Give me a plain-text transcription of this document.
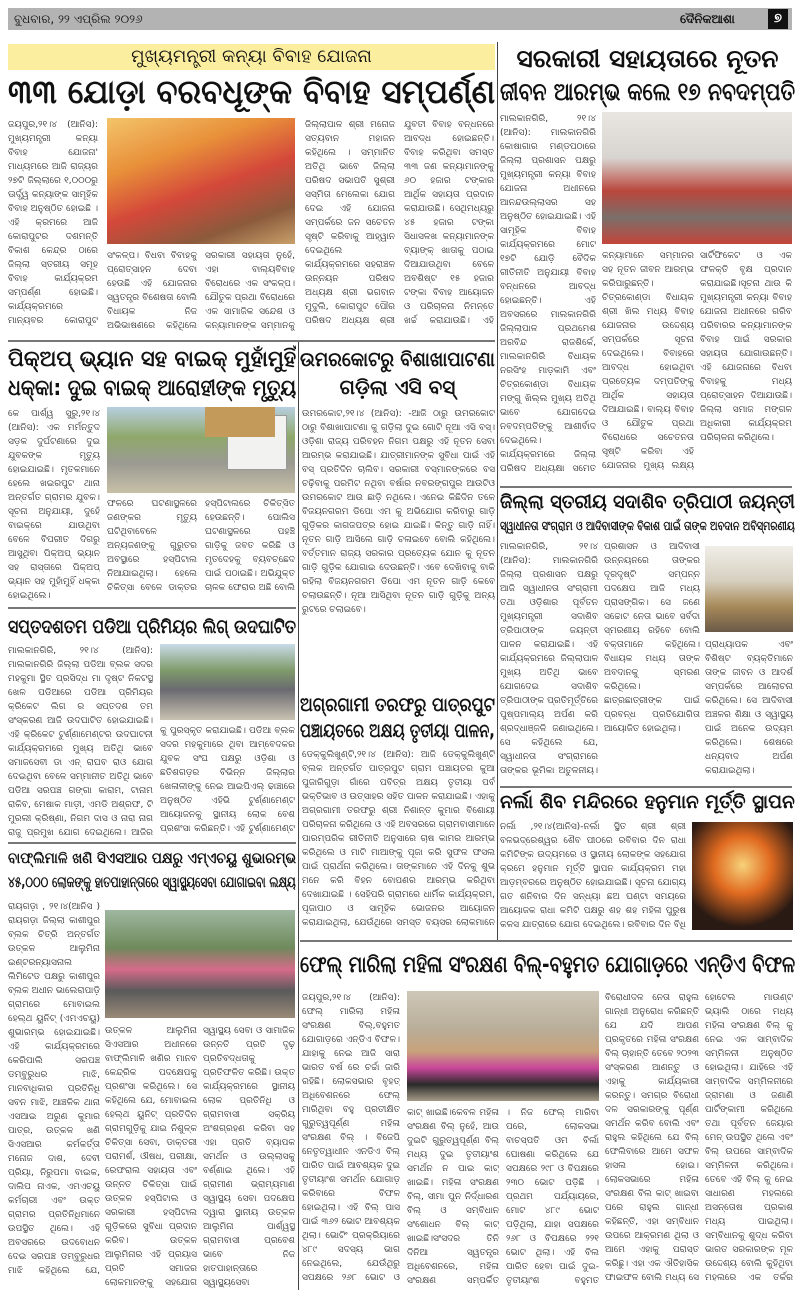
ବୁଧବାର, ୨୨ ଏପ୍ରିଲ ୨୦୨୬	ଦୈନିକଆଶା	୭
ମୁଖ୍ୟମନ୍ତ୍ରୀ କନ୍ୟା ବିବାହ ଯୋଜନା
୩୩ ଯୋଡ଼ା ବରବଧୂଙ୍କ ବିବାହ ସମ୍ପର୍ଣ୍ଣ
ଜୟପୁର,୨୧।୪ (ଆନିସ): ମୁଖ୍ୟମନ୍ତ୍ରୀ କନ୍ୟା ବିବାହ ଯୋଜନା' ମାଧ୍ୟମରେ ଆଜି ରାଜ୍ୟର ୨୭ଟି ଜିଲ୍ଲାରେ ୧,୦୦୦ରୁ ଊର୍ଦ୍ଧ୍ୱ କନ୍ୟାଙ୍କ ସାମୂହିକ ବିବାହ ଅନୁଷ୍ଠିତ ହୋଇଛି । ଏହି କ୍ରମରେ ଆଜି କୋରାପୁଟର ଦଶମନ୍ତି ବିକାଶ କେନ୍ଦ୍ର ଠାରେ ଜିଲ୍ଲା ସ୍ତରୀୟ ସମୂହ ବିବାହ କାର୍ଯ୍ୟକ୍ରମ ସମ୍ପର୍ଣ୍ଣ ହୋଇଛି। କାର୍ଯ୍ୟକ୍ରମରେ ମାନ୍ୟବର କୋରାପୁଟ
ସଂକଳ୍ପ। ବିଧବା ବିବାହକୁ ପ୍ରୋତ୍ସାହନ ଦେବା ହେଉଛି ଏହି ଯୋଜନାର ସ୍ୱତନ୍ତ୍ର ବିଶେଷତା ବୋଲି ବିଧାୟକ ନିଜ ଅଭିଭାଷଣରେ କହିଥିଲେ
ସରକାରୀ ସହାୟତା ନୁହେଁ, ଏହା ବାଲ୍ୟବିବାହ ବିରୋଧରେ ଏକ ସଂକଳ୍ପ। ଯୌତୁକ ପ୍ରଥା ବିରୋଧରେ ଏକ ସାମାଜିକ ସନ୍ଦେଶ ଓ କନ୍ୟାମାନଙ୍କ ସମ୍ମାନକୁ
ଜିଲ୍ଲାପାଳ ଶ୍ରୀ ମନୋଜ ସତ୍ୟବାନ ମହାଜନ କହିଥିଲେ । ସମ୍ମାନିତ ଅତିଥି ଭାବେ ଜିଲ୍ଲା ପରିଷଦ ସଭାପତି ସୁଶ୍ରୀ ସସ୍ମିତା ମେଲେକା ଯୋଗ ଦେଇ ଏହି ଯୋଜନା ସମ୍ପର୍କରେ ଜନ ସଚେତନ ସୃଷ୍ଟି କରିବାକୁ ଆହ୍ୱାନ ଦେଇଥିଲେ କାର୍ଯ୍ୟକ୍ରମରେ ସହରାଞ୍ଚଳ ଉନ୍ନୟନ ପରିଷଦ ଅଧ୍ୟକ୍ଷ ଶ୍ରୀ ଭଗବାନ ମୁଦୁଲି, କୋରାପୁଟ ପୌର ପରିଷଦ ଅଧ୍ୟକ୍ଷ ଶ୍ରୀ
ଯୁବତୀ ବିବାହ ବନ୍ଧନରେ ଆବଦ୍ଧ ହୋଇଛନ୍ତି। ବିବାହ କରିଥିବା ସମସ୍ତ ୩୩ ଜଣ କନ୍ୟାମାନଙ୍କୁ ୬୦ ହଜାର ଟଙ୍କାର ଆର୍ଥିକ ସହାୟତା ପ୍ରଦାନ କରାଯାଉଛି। ସେଥିମଧ୍ୟରୁ ୪୫ ହଜାର ଟଙ୍କା ସିଧାସଳଖ କନ୍ୟାମାନଙ୍କ ବ୍ୟାଙ୍କ୍ ଖାତାକୁ ପଠାଇ ଦିଆଯାଉଥିବା ବେଳେ ଅବଶିଷ୍ଟ ୧୫ ହଜାର ଟଙ୍କା ବିବାହ ଆୟୋଜନ ଓ ପରିଚାଳନା ନିମନ୍ତେ ଖର୍ଚ୍ଚ କରାଯାଉଛି। ଏହି
ସରକାରୀ ସହାୟତାରେ ନୂତନ
ଜୀବନ ଆରମ୍ଭ କଲେ ୧୭ ନବଦମ୍ପତି
ମାଲକାନଗିରି, ୨୧।୪ (ଆନିସ): ମାଲକାନଗିରି କୋଷାଗାର ମଣ୍ଡପଠାରେ ଜିଲ୍ଲା ପ୍ରଶାସନ ପକ୍ଷରୁ ମୁଖ୍ୟମନ୍ତ୍ରୀ କନ୍ୟା ବିବାହ ଯୋଜନା ଅଧୀନରେ ଆନନ୍ଦଉଲ୍ଲାସର ସହ ଅନୁଷ୍ଠିତ ହୋଇଯାଇଛି। ଏହି ସାମୂହିକ ବିବାହ କାର୍ଯ୍ୟକ୍ରମରେ ମୋଟ ୧୭ଟି ଯୋଡ଼ି ବୈଦିକ ରୀତିନୀତି ଅନୁଯାୟୀ ବିବାହ ବନ୍ଧନରେ ଆବଦ୍ଧ ହୋଇଛନ୍ତି। ଏହି ଅବସରରେ ମାଲକାନଗିରି ଜିଲ୍ଲାପାଳ ପ୍ରଥମେଶ ଅରବିନ୍ଦ ରାଜଶିର୍କେ, ମାଲକାନଗିରି ବିଧାୟକ ନରସିଂହ ମାଡ଼କାମି ଏବଂ ଚିତ୍ରକୋଣ୍ଡା ବିଧାୟକ ମଙ୍ଗୁ ଖିଲ୍ଲ ମୁଖ୍ୟ ଅତିଥି ଭାବେ ଯୋଗଦେଇ ନବଦମ୍ପତିଙ୍କୁ ଆଶୀର୍ବାଦ ଦେଇଥିଲେ। କାର୍ଯ୍ୟକ୍ରମରେ ଜିଲ୍ଲା ପରିଷଦ ଅଧ୍ୟକ୍ଷା ସମେତ
କନ୍ୟାମାନେ ସମ୍ମାନର ସହ ନୂତନ ଜୀବନ ଆରମ୍ଭ କରିପାରୁଛନ୍ତି। ଚିତ୍ରକୋଣ୍ଡା ବିଧାୟକ ଶ୍ରୀ ଖିଲ ମଧ୍ୟ ବିବାହ ଯୋଜନାର ଉଦ୍ଦେଶ୍ୟ ସମ୍ପର୍କରେ ସୂଚନା ଦେଇଥିଲେ। ବିବାହରେ ଆବଦ୍ଧ ହୋଇଥିବା ପ୍ରତ୍ୟେକ ଦମ୍ପତିଙ୍କୁ ଆର୍ଥିକ ସହାୟତା ଦିଆଯାଇଛି। ବାଲ୍ୟ ବିବାହ ଓ ଯୌତୁକ ପ୍ରଥା ବିରୋଧରେ ସଚେତନତା ସୃଷ୍ଟି କରିବା ଏହି ଯୋଜନାର ମୁଖ୍ୟ ଲକ୍ଷ୍ୟ
ସାର୍ଟିଫିକେଟ ଓ ଏକ ଫଳକ୍ତି ବୃକ୍ଷ ପ୍ରଦାନ କରାଯାଇଛି।ସୂଚନା ଥାଉ କି ମୁଖ୍ୟମନ୍ତ୍ରୀ କନ୍ୟା ବିବାହ ଯୋଜନା ଅଧୀନରେ ଗରିବ ପରିବାରର କନ୍ୟାମାନଙ୍କ ବିବାହ ପାଇଁ ସରକାର ସହାୟତା ଯୋଗାଉଛନ୍ତି। ଏହି ଯୋଜନାରେ ବିଧବା ବିବାହକୁ ମଧ୍ୟ ପ୍ରୋତ୍ସାହନ ଦିଆଯାଉଛି। ଜିଲ୍ଲା ସମାଜ ମଙ୍ଗଳ ଅଧିକାରୀ କାର୍ଯ୍ୟକ୍ରମ ପରିଚାଳନା କରିଥିଲେ।
ପିକ୍‌ଅପ୍ ଭ୍ୟାନ ସହ ବାଇକ୍ ମୁହାଁମୁହିଁ
ଧକ୍କା: ଦୁଇ ବାଇକ୍ ଆରୋହୀଙ୍କ ମୃତ୍ୟୁ
କେ ପାର୍ଶ୍ୱ ସୁରୁ,୨୧।୪ (ଆନିସ): ଏକ ମର୍ମନ୍ତୁଦ ସଡ଼କ ଦୁର୍ଘଟଣାରେ ଦୁଇ ଯୁବକଙ୍କ ମୃତ୍ୟୁ ହୋଇଯାଇଛି। ମୃତକମାନେ ହେଲେ ଖଇରପୁଟ ଥାନା ଅନ୍ତର୍ଗତ ଗ୍ରାମର ଯୁବକ। ସୂଚନା ଅନୁଯାୟୀ, ଦୁହେଁ ବାଇକ୍‌ରେ ଯାଉଥିବା ବେଳେ ବିପରୀତ ଦିଗରୁ ଆସୁଥିବା ପିକ୍‌ଅପ୍ ଭ୍ୟାନ ସହ ରାସ୍ତାରେ ପିକ୍‌ଅପ୍ ଭ୍ୟାନ ସହ ମୁହାଁମୁହିଁ ଧକ୍କା ହୋଇଥିଲେ।
ଫଳରେ ଘଟଣାସ୍ଥଳରେ ଜଣଙ୍କର ମୃତ୍ୟୁ ଘଟିଥିବାବେଳେ ଅନ୍ୟଜଣଙ୍କୁ ଗୁରୁତର ଅବସ୍ଥାରେ ହସ୍ପିଟାଲ ନିଆଯାଇଥିଲା। ହେଲେ ଚିକିତ୍ସା ବେଳେ ଡାକ୍ତର
ହସ୍ପିଟାଲରେ ଚିକିତ୍ସିତ ହେଉଛନ୍ତି। ପୋଲିସ ଘଟଣାସ୍ଥଳରେ ପହଞ୍ଚି ଗାଡ଼ିକୁ ଜବତ କରିଛି ଓ ମୃତଦେହକୁ ବ୍ୟବଚ୍ଛେଦ ପାଇଁ ପଠାଇଛି। ଅଭିଯୁକ୍ତ ଚାଳକ ଫେରାର ଅଛି ବୋଲି
ଉମରକୋଟରୁ ବିଶାଖାପାଟଣା
ଗଡ଼ିଲା ଏସି ବସ୍
ଉମରକୋଟ,୨୧।୪ (ଆନିସ): -ଆଜି ଠାରୁ ଉମରକୋଟ ଠାରୁ ବିଶାଖାପାଟଣା କୁ ଗଡ଼ିଲା ଦୁଇ ଗୋଟି ନୂଆ ଏସି ବସ୍। ଓଡ଼ିଶା ରାଜ୍ୟ ପରିବହନ ନିଗମ ପକ୍ଷରୁ ଏହି ନୂତନ ସେବା ଆରମ୍ଭ କରାଯାଇଛି। ଯାତ୍ରୀମାନଙ୍କ ସୁବିଧା ପାଇଁ ଏହି ବସ୍ ପ୍ରତିଦିନ ଚାଲିବ। ସରକାରୀ ବସ୍‌ମାନଙ୍କରେ ବସ ଚଢ଼ିବାକୁ ପରମିଟ ନଥିବା ବର୍ଷାର ନବରଙ୍ଗପୁର ଆଉଟିଓ ଉମରକୋଟ ଆଉ ଛାଡ଼ି ନଥିଲେ। ଏନେଇ କିଛିଦିନ ତଳେ ବିଜୟନଗରମ ଡିପୋ ଏମ କୁ ଅଭିଯୋଗ କରିବାରୁ ଗାଡ଼ି ଗୁଡ଼ିକର କାଗଜପତ୍ର ହୋଇ ଯାଇଛି। କିନ୍ତୁ ଗାଡ଼ି ନାହିଁ। ନୂତନ ଗାଡ଼ି ଆସିଲେ ଗାଡ଼ି ଚଳାଇବେ ବୋଲି କହିଥିଲେ। ବର୍ତ୍ତମାନ ରାଜ୍ୟ ସରକାର ପ୍ରତ୍ୟେକ ଯୋନ କୁ ନୂତନ ଗାଡ଼ି ଗୁଡ଼ିକ ଯୋଗାଇ ଦେଉଛନ୍ତି। ଏବେ ଦେଖିବାକୁ ବାକି ରହିଲା ବିଜୟନଗରମ ଡିପୋ ଏମ ନୂତନ ଗାଡ଼ି କେବେ ଚଲାଉଛନ୍ତି। ନୂଆ ଆସିଥିବା ନୂତନ ଗାଡ଼ି ଗୁଡ଼ିକୁ ଅନ୍ୟ ରୁଟରେ ଚଲାଇବେ।
ଅଗ୍ରଗାମୀ ତରଫରୁ ପାତ୍ରପୁଟ
ପଞ୍ଚାୟତରେ ଅକ୍ଷୟ ତୃତୀୟା ପାଳନ,
ଡେକ୍କୁଲିଖୁଣ୍ଟି,୨୧।୪ (ଆନିସ): ଆଜି ଡେକ୍କୁଲିଖୁଣ୍ଟି ବ୍ଲକ ଅନ୍ତର୍ଗତ ପାତ୍ରପୁଟ ଗ୍ରାମ ପଞ୍ଚାୟତର କୁଆ ପୁଜାରିଗୁଡ଼ା ଗାଁରେ ପବିତ୍ର ଅକ୍ଷୟ ତୃତୀୟା ପର୍ବ ଭକ୍ତିଭାବ ଓ ଉତ୍ସାହର ସହିତ ପାଳନ କରାଯାଇଛି। ଏହାକୁ ଅଗ୍ରଗାମୀ ତରଫରୁ ଶ୍ରୀ ନିଶାନ୍ତ କୁମାର ବିଶୋୟୀ ପରିଚାଳନା କରିଥିଲେ ଓ ଏହି ଅବସରରେ ଗ୍ରାମବାସୀମାନେ ପାରମ୍ପରିକ ରୀତିନୀତି ଅନୁସାରେ ଚାଷ କାମର ଆରମ୍ଭ କରିଥିଲେ ଓ ମାଟି ମାଆଙ୍କୁ ପୂଜା କରି ସୁଫଳ ଫସଲ ପାଇଁ ପ୍ରାର୍ଥନା କରିଥିଲେ। ତାଙ୍କମାନେ ଏହି ଦିନକୁ ଶୁଭ ମନେ କରି ବିହନ ବୋପଣର ଆରମ୍ଭ କରିଥିବା ଦେଖାଯାଇଛି । ସେହିପରି ଗ୍ରାମରେ ଧାର୍ମିକ କାର୍ଯ୍ୟକ୍ରମ, ପୂଜାପାଠ ଓ ସାମୂହିକ ଭୋଜନର ଆୟୋଜନ କରାଯାଇଥିଲା, ଯେଉଁଥିରେ ସମସ୍ତ ବୟସର ଲୋକମାନେ
ସପ୍ତଦଶତମ ପଡିଆ ପ୍ରିମିୟର ଲିଗ୍ ଉଦଘାଟିତ
ମାଲକାନଗିରି, ୨୧।୪ (ଆନିସ): ମାଲକାନଗିରି ଜିଲ୍ଲା ପଡିଆ ବ୍ଲକ ସଦର ମହକୁମା ସ୍ଥିତ ପ୍ରସିଦ୍ଧ ମା ଦୃଷ୍ଟ ନିକଟସ୍ଥ ଖେଳ ପଡିଆରେ ପଡିଆ ପ୍ରିମିୟର କ୍ରିକେଟ ଲିଗ ର ସପ୍ତଦଶ ତମ ସଂସ୍କରଣ ଆଜି ଉଦଘାଟିତ ହୋଇଯାଇଛି। ଏହି କ୍ରିକେଟ ଟୁର୍ଣ୍ଣାମେଣ୍ଟର ଉଦଘାଟନୀ କାର୍ଯ୍ୟକ୍ରମରେ ମୁଖ୍ୟ ଅତିଥି ଭାବେ ସମାଜସେବୀ ଡା ଏନ୍ ରାଘବ ରାଓ ଯୋଗ ଦେଇଥିବା ବେଳେ ସମ୍ମାନୀତ ଅତିଥି ଭାବେ ପଡିଆ ସରପଞ୍ଚ ଗଙ୍ଗା କାରାମ, ଟାନାମ ରାକିବ, ମେଷାକ ମାଡ଼ୀ, ଏମଡି ଅଶ୍ରଫ, ଟି ମୁରଲୀ କ୍ରିଷ୍ଣା, ନିଗମ ଦାସ ଓ ନାରା ନାଗ ରାଜୁ ପ୍ରମୁଖ ଯୋଗ ଦେଇଥିଲେ। ଆଜିର
କୁ ପୁରସ୍କୃତ କରାଯାଇଛି। ପଡିଆ ବ୍ଲକ ସଦର ମହକୁମାରେ ଥିବା ଆମ୍ବେଦକର ଯୁବକ ସଂଘ ପକ୍ଷରୁ ଓଡ଼ିଶା ଓ ଛତିଶଗଡ଼ର ବିଭିନ୍ନ ଜିଲ୍ଲାର ଖେଳାଳୀଙ୍କୁ ନେଇ ଆଇପିଏଲ୍ ଢାଞ୍ଚାରେ ଅନୁଷ୍ଠିତ ଏହିଭି ଟୁର୍ଣ୍ଣାମେଣ୍ଟ ଆୟୋଜନକୁ ସ୍ଥାନୀୟ ଲୋକ ବେଶ ପ୍ରଶଂସା କରିଛନ୍ତି। ଏହି ଟୁର୍ଣ୍ଣାମେଣ୍ଟ
ବାଫ୍ଲିମାଳି ଖଣି ସିଏସଆର ପକ୍ଷରୁ ଏମ୍‌ଏଚୟୁ ଶୁଭାରମ୍ଭ
୪୫,୦୦୦ ଲୋକଙ୍କୁ ହାତପାହାନ୍ତାରେ ସ୍ୱାସ୍ଥ୍ୟସେବା ଯୋଗାଇବା ଲକ୍ଷ୍ୟ
ରାୟଗଡ଼ା , ୨୧।୪(ଆନିସ ) ରାୟଗଡ଼ା ଜିଲ୍ଲା କାଶୀପୁର ବ୍ଲକ ଚିତ୍ରି ଅନ୍ତର୍ଗତ ଉତ୍କଳ ଆଲୁମିନା ଇଣ୍ଟରନ୍ୟାସନାଲ ଲିମିଟେଡ ପକ୍ଷରୁ କାଶୀପୁର ବ୍ଲକ ଅଧୀନ ଭାଲେରାପାଡ଼ି ଗ୍ରାମରେ ମୋବାଇଲ ହେଲ୍ଥ ୟୁନିଟ୍ (ଏମଏଚୟୁ) ଶୁଭାରମ୍ଭ ହୋଇଯାଇଛି। ଏହି କାର୍ଯ୍ୟକ୍ରମରେ କେରିପାଲି ସରପଞ୍ଚ ଡମ୍ବୁରୁଧର ମାଝି, ମାନବାଧିକାର ପ୍ରତିନିଧି ସବନ ମାଝି, ଆଞ୍ଚଳିକ ଥାନା ଏସଆଇ ଅରୁଣ କୁମାର ପାତ୍ର, ଉତ୍କଳ ଖଣି ସିଏସଆର କର୍ମକର୍ତ୍ତା ମନୋଜ ଦାଶ, ଦେବୀ ପ୍ରିୟା, ନିରୁପମା ବାଇକ, ଦାଲିପ ନାଏକ, ଏମଏଚୟୁ କର୍ମଚାରୀ ଏବଂ ଉକ୍ତ ଗ୍ରାମର ପ୍ରତିନିଧିମାନେ ଉପସ୍ଥିତ ଥିଲେ। ଏହି ଅବସରରେ ଉଦବୋଧନ ଦେଇ ସରପଞ୍ଚ ଡମ୍ବୁରୁଧର ମାଝି କହିଥିଲେ ଯେ,
ଉତ୍କଳ ଆଲୁମିନା ସିଏସଆର ଅଧୀନରେ ବାଫ୍ଲିମାଳି ଖଣିର ମାନବ କେନ୍ଦ୍ରିକ ପଦକ୍ଷେପକୁ ପ୍ରଶଂସା କରିଥିଲେ। ସେ କହିଥିଲେ ଯେ, ମୋବାଇଲ ହେଲ୍ଥ ୟୁନିଟ୍ ପ୍ରତିଦିନ ଗ୍ରାମଗୁଡ଼ିକୁ ଯାଇ ନିଶୁଳ୍କ ଚିକିତ୍ସା ସେବା, ଡାକ୍ତରୀ ପରାମର୍ଶ, ଔଷଧ, ପରୀକ୍ଷା, ରେଫରାଲ ସହାୟତା ଏବଂ ଉନ୍ନତ ଚିକିତ୍ସା ପାଇଁ ଉତ୍କଳ ହସ୍ପିଟାଲ ଓ ସରକାରୀ ହସ୍ପିଟାଲ ଗୁଡ଼ିକରେ ସୁବିଧା ପ୍ରଦାନ କରିବ। ଉତ୍କଳ ଆଲୁମିନାର ଏହି ପ୍ରୟାସ ପ୍ରତି ସମାଜର ଲୋକମାନଙ୍କୁ ସହଯୋଗ
ସ୍ୱାସ୍ଥ୍ୟ ସେବା ଓ ସାମାଜିକ ଉନ୍ନତି ପ୍ରତି ଦୃଢ଼ ପ୍ରତିବଦ୍ଧତାକୁ ପ୍ରତିଫଳିତ କରିଛି। ଉକ୍ତ କାର୍ଯ୍ୟକ୍ରମରେ ସ୍ଥାନୀୟ ଲୋକ ପ୍ରତିନିଧି ଓ ଗ୍ରାମବାସୀ ସକ୍ରିୟ ଅଂଶଗ୍ରହଣ କରିବା ସହ ଏହା ପ୍ରତି ବ୍ୟାପକ ସମର୍ଥନ ଓ ଉଲ୍ଲାସକୁ ବର୍ଣ୍ଣାଇ ଥିଲେ। ଏହି ଗ୍ରାମୀଣ ଭ୍ରାମ୍ୟମାଣ ସ୍ୱାସ୍ଥ୍ୟ ସେବା ପଦକ୍ଷେପ ଦ୍ୱାରା ସ୍ଥାନୀୟ ଉତ୍କଳ ଆଲୁମିନା ପାର୍ଶ୍ୱସ୍ଥ ଗ୍ରାମବାସୀ ପ୍ରବେଶ ଭାବେ ନିଜ ହାତପାହାନ୍ତାରେ ସ୍ୱାସ୍ଥ୍ୟସେବା
ଜିଲ୍ଲା ସ୍ତରୀୟ ସଦାଶିବ ତ୍ରିପାଠୀ ଜୟନ୍ତୀ
ସ୍ୱାଧୀନତା ସଂଗ୍ରାମ ଓ ଆଦିବାସୀଙ୍କ ବିକାଶ ପାଇଁ ତାଙ୍କ ଅବଦାନ ଅବିସ୍ମରଣୀୟ
ମାଲକାନଗିରି, ୨୧।୪ (ଆନିସ): ମାଲକାନଗିରି ଜିଲ୍ଲା ପ୍ରଶାସନ ପକ୍ଷରୁ ଆଜି ସ୍ୱାଧୀନତା ସଂଗ୍ରାମୀ ତଥା ଓଡ଼ିଶାର ପୂର୍ବତନ ମୁଖ୍ୟମନ୍ତ୍ରୀ ସଦାଶିବ ତ୍ରିପାଠୀଙ୍କ ଜୟନ୍ତୀ ପାଳନ କରାଯାଇଛି। ଏହି କାର୍ଯ୍ୟକ୍ରମରେ ଜିଲ୍ଲାପାଳ ମୁଖ୍ୟ ଅତିଥି ଭାବେ ଯୋଗଦେଇ ସଦାଶିବ ତ୍ରିପାଠୀଙ୍କ ପ୍ରତିମୂର୍ତ୍ତିରେ ପୁଷ୍ପମାଲ୍ୟ ଅର୍ପଣ କରି ଶ୍ରଦ୍ଧାଞ୍ଜଳି ଜଣାଇଥିଲେ। ସେ କହିଥିଲେ ଯେ, ସ୍ୱାଧୀନତା ସଂଗ୍ରାମରେ ତାଙ୍କର ଭୂମିକା ଅତୁଳନୀୟ।
ପ୍ରଶାସନ ଓ ଆଦିବାସୀ ଉନ୍ନୟନରେ ତାଙ୍କର ଦୂରଦୃଷ୍ଟି ସମ୍ପନ୍ନ ପଦକ୍ଷେପ ଆଜି ମଧ୍ୟ ପ୍ରାସଙ୍ଗିକ। ସେ ଜଣେ ସଚ୍ଚୋଟ ନେତା ଭାବେ ସର୍ବଦା ସ୍ମରଣୀୟ ରହିବେ ବୋଲି ବକ୍ତାମାନେ କହିଥିଲେ। ବିଧାୟକ ମଧ୍ୟ ତାଙ୍କ ଅବଦାନକୁ ସ୍ମରଣ କରିଥିଲେ। ଛାତ୍ରଛାତ୍ରୀଙ୍କ ପାଇଁ ପ୍ରବନ୍ଧ ପ୍ରତିଯୋଗିତା ଆୟୋଜିତ ହୋଇଥିଲା।
ପ୍ରାଧ୍ୟାପକ ଏବଂ ବିଶିଷ୍ଟ ବ୍ୟକ୍ତିମାନେ ତାଙ୍କ ଜୀବନ ଓ ଆଦର୍ଶ ସମ୍ପର୍କରେ ଆଲୋଚନା କରିଥିଲେ। ସେ ଆଦିବାସୀ ଅଞ୍ଚଳର ଶିକ୍ଷା ଓ ସ୍ୱାସ୍ଥ୍ୟ ପାଇଁ ଅନେକ ଉଦ୍ୟମ କରିଥିଲେ। ଶେଷରେ ଧନ୍ୟବାଦ ଅର୍ପଣ କରାଯାଇଥିଲା।
ନର୍ଲା ଶିବ ମନ୍ଦିରରେ ହନୁମାନ ମୂର୍ତ୍ତି ସ୍ଥାପନ
ନର୍ଲା ,୨୧।୪(ଆନିସ)-ନର୍ଲା ସ୍ଥିତ ଶ୍ରୀ ଶ୍ରୀ ବଳଭଦ୍ରେଶ୍ୱର ଶୈବ ପୀଠରେ ରବିବାର ଦିନ ରାଧା କମିଟିଙ୍କ ଉଦ୍ୟମରେ ଓ ସ୍ଥାନୀୟ ଲୋକଙ୍କ ସହଯୋଗ କ୍ରମେ ହନୁମାନ ମୂର୍ତ୍ତି ସ୍ଥାପନ କାର୍ଯ୍ୟକ୍ରମ ମହା ଆଡ଼ମ୍ବରରେ ଅନୁଷ୍ଠିତ ହୋଇଯାଇଛି। ସୂଚନା ଯୋଗ୍ୟ ଗତ ଶନିବାର ଦିନ ସନ୍ଧ୍ୟା ଛଅ ଘଣ୍ଟା ସମୟରେ ଆୟୋଜକ ରାଧା କମିଟି ପକ୍ଷରୁ ଶହ ଶହ ମହିଳା ପୁରୁଷ କଳସ ଯାତ୍ରାରେ ଯୋଗ ଦେଇଥିଲେ। ରବିବାର ଦିନ ବିଧି
ଫେଲ୍ ମାରିଲା ମହିଳା ସଂରକ୍ଷଣ ବିଲ୍-ବହୁମତ ଯୋଗାଡ଼ରେ ଏନ୍‌ଡିଏ ବିଫଳ
ଜୟପୁର,୨୧।୪ (ଆନିସ): ଫେଲ୍ ମାରିଲା ମହିଳା ସଂରକ୍ଷଣ ବିଲ୍,ବହୁମତ ଯୋଗାଡ଼ରେ ଏନ୍‌ଡିଏ ବିଫଳ। ଯାହାକୁ ନେଇ ଆଜି ସାରା ଭାରତ ବର୍ଷ ରେ ଚର୍ଚ୍ଚା ଜାରି ରହିଛି। ଲୋକସଭାର ବୃହତ୍ ଅଧିବେଶନରେ ଫେଲ୍ ମାରିଥିବା ବହୁ ପ୍ରତୀକ୍ଷିତ ଗୁରୁତ୍ୱପୂର୍ଣ୍ଣ ମହିଳା ସଂରକ୍ଷଣ ବିଲ୍ । ବିଜେପି ନେତୃତ୍ୱାଧୀନ ଏନଡିଏ ବିଲ୍ ପାରିତ ପାଇଁ ଆବଶ୍ୟକ ଦୁଇ ତୃତୀୟାଂଶ ସମର୍ଥନ ଯୋଗାଡ଼ କରିବାରେ ବିଫଳ ହୋଇଥିଲା। ଏହି ବିଲ୍ ପାସ ପାଇଁ ୩୬୨ ଭୋଟ ଆବଶ୍ୟକ ଥିଲା। ଭୋଟିଂ ପ୍ରକ୍ରିୟାରେ ୪୮୯ ସଦସ୍ୟ ଭାଗ ନେଇଥିଲେ, ଯେଉଁଥିରୁ ସପକ୍ଷରେ ୨୬୮ ଭୋଟ ଓ
କାଟ୍ ଖାଇଛି।କେବଳ ମହିଳା ସଂରକ୍ଷଣ ବିଲ୍ ନୁହେଁ, ଆଉ ଦୁଇଟି ଗୁରୁତ୍ୱପୂର୍ଣ୍ଣ ବିଲ୍ ମଧ୍ୟ ଦୁଇ ତୃତୀୟାଂଶ ସମର୍ଥନ ନ ପାଇ କାଟ୍ ଖାଇଛି। ମହିଳା ସଂରକ୍ଷଣ ବିଲ୍, ସୀମା ପୁନ ନିର୍ଦ୍ଧାରଣ ବିଲ୍ ଓ ସମ୍ବିଧାନ ସଂଶୋଧନ ବିଲ୍ କାଟ୍ ଖାଇଛି।ସଂସଦର ତିନି ଦିନିଆ ସ୍ୱତନ୍ତ୍ର ଅଧିବେଶନରେ, ମହିଳା ସଂରକ୍ଷଣ ସମ୍ପର୍କିତ
। ନିଜ ଫେଲ୍ ମାରିବା ପରେ, ଲୋକସଭା ବାଚସ୍ପତି ଓମ ବିର୍ଲା ଘୋଷଣା କରିଥିଲେ ଯେ ସପକ୍ଷରେ ୨୯୮ ଓ ବିପକ୍ଷରେ ୨୩୦ ଭୋଟ ପଡ଼ିଛି । ପ୍ରଥମ ପର୍ଯ୍ୟାୟରେ, ମୋଟ ୪୮୯ ଭୋଟ ପଡ଼ିଥିଲା, ଯାହା ସପକ୍ଷରେ ୨୬୮ ଓ ବିପକ୍ଷରେ ୨୨୧ ଭୋଟ ଥିଲା। ଏହି ବିଲ ପାରିତ ହେବା ପାଇଁ ଦୁଇ-ତୃତୀୟାଂଶ ବହୁମତ
ବିରୋଧୀଦଳ ନେତା ରାହୁଲ ଗାନ୍ଧୀ ଅନୁରୋଧ କରିଛନ୍ତି ଯେ ଯଦି ଆପଣ ପ୍ରକୃତରେ ମହିଳା ସଂରକ୍ଷଣ ବିଲ୍ ଚାହାନ୍ତି ତେବେ ୨୦୨୩ ସଂସ୍କରଣ ଆଣନ୍ତୁ ଓ ଏହାକୁ କାର୍ଯ୍ୟକାରୀ କରନ୍ତୁ। ସମଗ୍ର ବିରୋଧୀ ଦଳ ସରକାରଙ୍କୁ ପୂର୍ଣ୍ଣ ସମର୍ଥନ କରିବ ବୋଲି ଏବଂ ରାହୁଲ କହିଥିଲେ ଯେ ବିଲ୍ ଫେଲିବାରେ ଆମେ ସଫଳ ହାସଲ ହୋଇ। ଲୋକସଭାରେ ମହିଳା ସଂରକ୍ଷଣ ବିଲ କାଟ୍ ଖାଇବା ପରେ ରାହୁଲ ଗାନ୍ଧୀ କହିଛନ୍ତି, ଏହା ସମ୍ବିଧାନ ଉପରେ ଆକ୍ରମଣ ଥିଲା ଓ ଆମେ ଏହାକୁ ପରାସ୍ତ କରିଛୁ। ଏହା ଏକ ଐତିହାସିକ ଫାଇଫଳ ବୋଲି ମଧ୍ୟ ସେ
ହୋଟେଲ ମାଉଣ୍ଟ ଭ୍ୟାଲି ଠାରେ ମଧ୍ୟ ମହିଳା ସଂରକ୍ଷଣ ବିଲ୍ କୁ ନେଇ ଏକ ସାମ୍ବାଦିକ ସମ୍ମିଳନୀ ଅନୁଷ୍ଠିତ ହୋଇଥିଲା। ଯାହିରେ ଏହି ସାମ୍ବାଦିକ ସମ୍ମିଳନୀରେ ଜ୍ରାମଣା ଓ ଜଣାଣି ପାର୍ଟିଙ୍କାମୀ କରିଥିଲେ ତଥା ପୂର୍ବତନ ଜେୟାର ମେନ୍ ଉପସ୍ଥିତ ଥିଲେ ଏବଂ ବିଲ୍ ଉପରେ ସାମ୍ବାଦିକ ସମ୍ମିଳନୀ କରିଥିଲେ। ତେବେ ଏହି ବିଲ୍ କୁ ନେଇ ସାଧାରଣ ମହଲରେ ଅସନ୍ତୋଷ ପ୍ରକାଶ ମଧ୍ୟ ପାଇଥିଲା। ସମ୍ବିଧାନକୁ ଶୁଦ୍ଧ କରିବା ଭାରତ ସରକାରଙ୍କ ମୂଳ ଉଦ୍ଦେଶ୍ୟ ବୋଲି କୁହିଥିବା ମହଲରେ ଏକ ତର୍କର
